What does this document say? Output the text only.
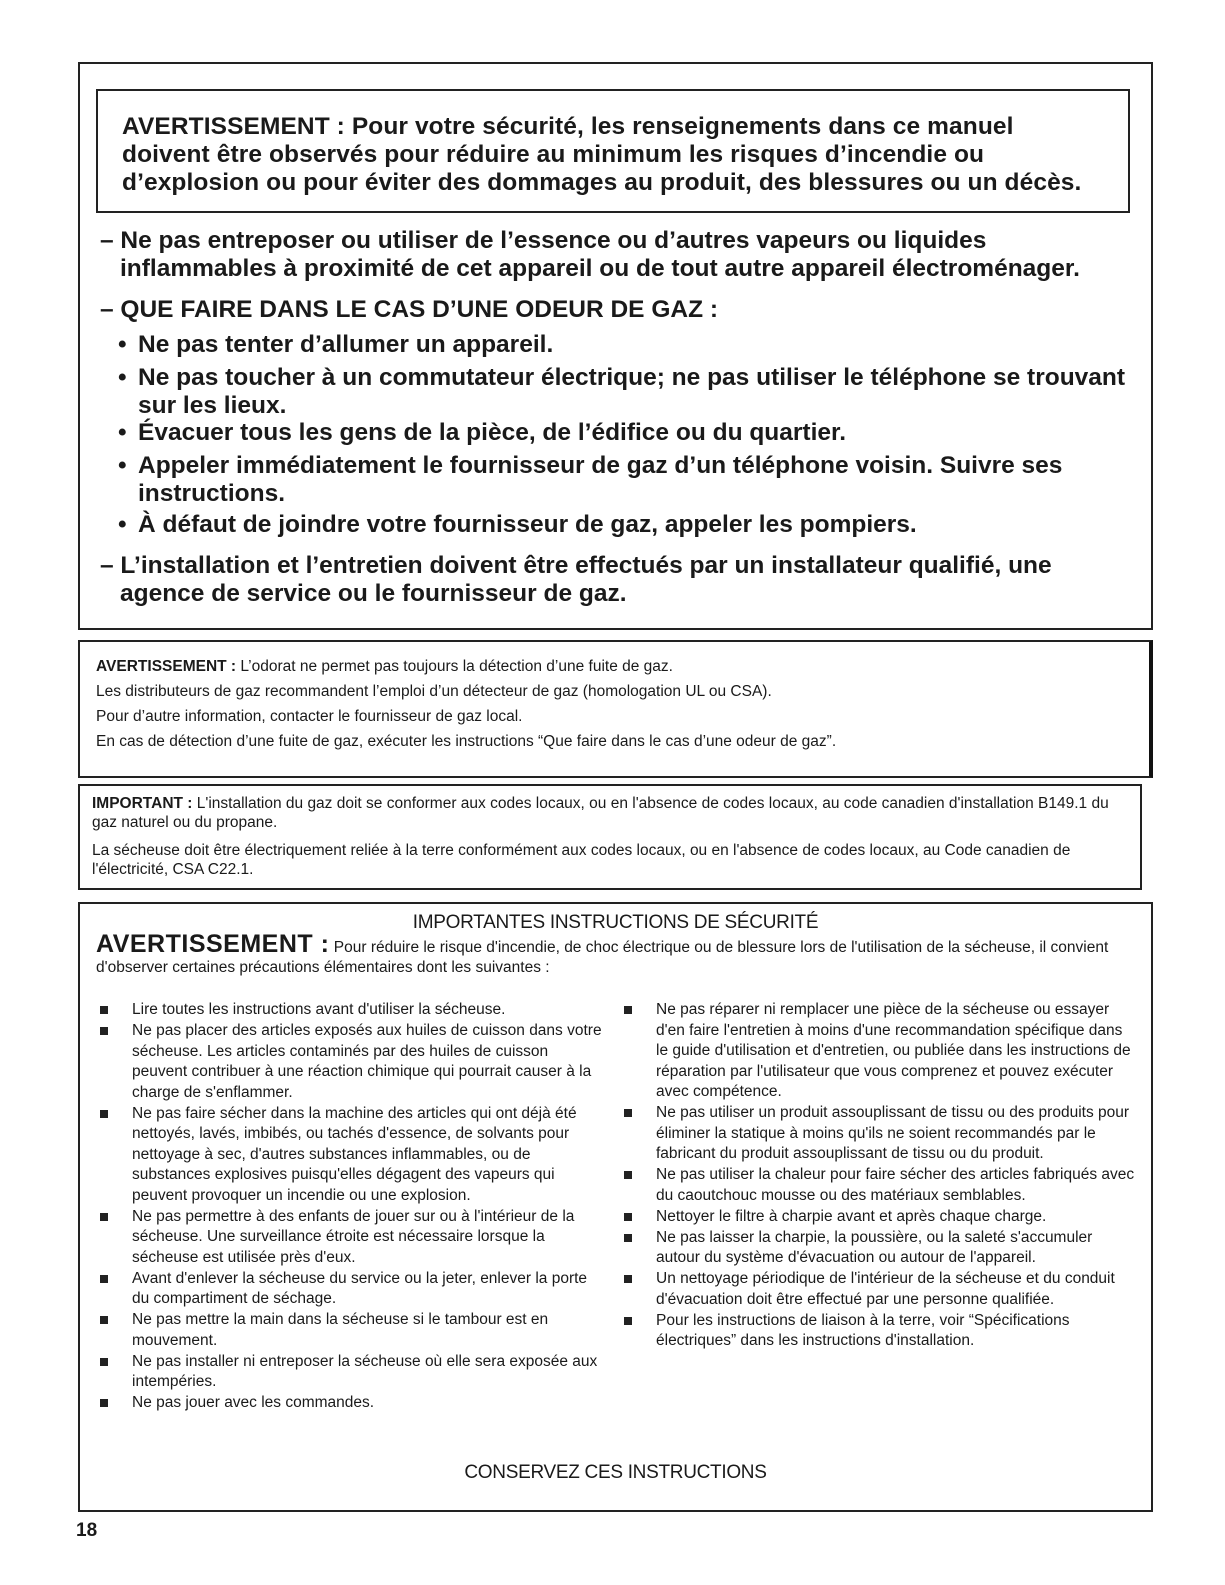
AVERTISSEMENT : Pour votre sécurité, les renseignements dans ce manuel doivent être observés pour réduire au minimum les risques d’incendie ou d’explosion ou pour éviter des dommages au produit, des blessures ou un décès.

– Ne pas entreposer ou utiliser de l’essence ou d’autres vapeurs ou liquides
inflammables à proximité de cet appareil ou de tout autre appareil électroménager.
– QUE FAIRE DANS LE CAS D’UNE ODEUR DE GAZ :
• Ne pas tenter d’allumer un appareil.
• Ne pas toucher à un commutateur électrique; ne pas utiliser le téléphone se trouvant
sur les lieux.
• Évacuer tous les gens de la pièce, de l’édifice ou du quartier.
• Appeler immédiatement le fournisseur de gaz d’un téléphone voisin. Suivre ses
instructions.
• À défaut de joindre votre fournisseur de gaz, appeler les pompiers.
– L’installation et l’entretien doivent être effectués par un installateur qualifié, une
agence de service ou le fournisseur de gaz.
AVERTISSEMENT : L’odorat ne permet pas toujours la détection d’une fuite de gaz.
Les distributeurs de gaz recommandent l’emploi d’un détecteur de gaz (homologation UL ou CSA).
Pour d’autre information, contacter le fournisseur de gaz local.
En cas de détection d’une fuite de gaz, exécuter les instructions “Que faire dans le cas d’une odeur de gaz”.

IMPORTANT : L'installation du gaz doit se conformer aux codes locaux, ou en l'absence de codes locaux, au code canadien d'installation B149.1 du gaz naturel ou du propane.

La sécheuse doit être électriquement reliée à la terre conformément aux codes locaux, ou en l'absence de codes locaux, au Code canadien de l'électricité, CSA C22.1.

IMPORTANTES INSTRUCTIONS DE SÉCURITÉ

AVERTISSEMENT : Pour réduire le risque d'incendie, de choc électrique ou de blessure lors de l'utilisation de la sécheuse, il convient d'observer certaines précautions élémentaires dont les suivantes :

Lire toutes les instructions avant d'utiliser la sécheuse.
Ne pas placer des articles exposés aux huiles de cuisson dans votre sécheuse. Les articles contaminés par des huiles de cuisson peuvent contribuer à une réaction chimique qui pourrait causer à la charge de s'enflammer.
Ne pas faire sécher dans la machine des articles qui ont déjà été nettoyés, lavés, imbibés, ou tachés d'essence, de solvants pour nettoyage à sec, d'autres substances inflammables, ou de substances explosives puisqu'elles dégagent des vapeurs qui peuvent provoquer un incendie ou une explosion.
Ne pas permettre à des enfants de jouer sur ou à l'intérieur de la sécheuse. Une surveillance étroite est nécessaire lorsque la sécheuse est utilisée près d'eux.
Avant d'enlever la sécheuse du service ou la jeter, enlever la porte du compartiment de séchage.
Ne pas mettre la main dans la sécheuse si le tambour est en mouvement.
Ne pas installer ni entreposer la sécheuse où elle sera exposée aux intempéries.
Ne pas jouer avec les commandes.
Ne pas réparer ni remplacer une pièce de la sécheuse ou essayer d'en faire l'entretien à moins d'une recommandation spécifique dans le guide d'utilisation et d'entretien, ou publiée dans les instructions de réparation par l'utilisateur que vous comprenez et pouvez exécuter avec compétence.
Ne pas utiliser un produit assouplissant de tissu ou des produits pour éliminer la statique à moins qu'ils ne soient recommandés par le fabricant du produit assouplissant de tissu ou du produit.
Ne pas utiliser la chaleur pour faire sécher des articles fabriqués avec du caoutchouc mousse ou des matériaux semblables.
Nettoyer le filtre à charpie avant et après chaque charge.
Ne pas laisser la charpie, la poussière, ou la saleté s'accumuler autour du système d'évacuation ou autour de l'appareil.
Un nettoyage périodique de l'intérieur de la sécheuse et du conduit d'évacuation doit être effectué par une personne qualifiée.
Pour les instructions de liaison à la terre, voir “Spécifications électriques” dans les instructions d'installation.
CONSERVEZ CES INSTRUCTIONS
18
